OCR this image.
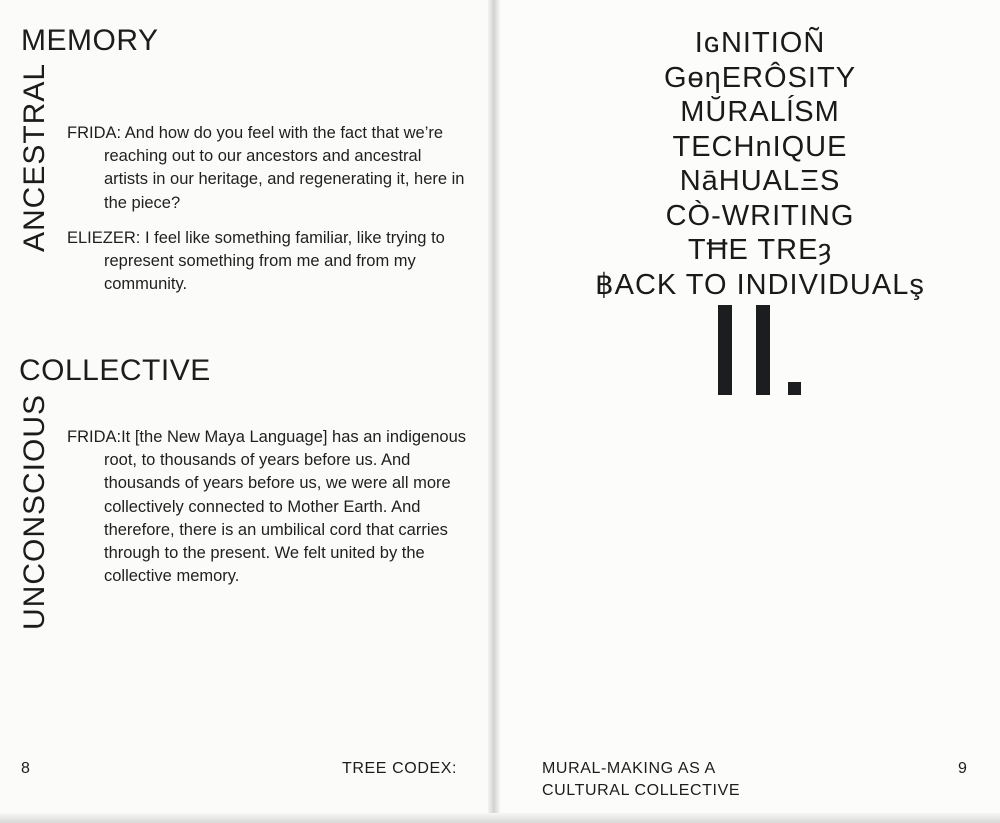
MEMORY
ANCESTRAL FRIDA: And how do you feel with the fact that we’re reaching out to our ancestors and ancestral artists in our heritage, and regenerating it, here in the piece?

ELIEZER: I feel like something familiar, like trying to represent something from me and from my community.

COLLECTIVE
UNCONSCIOUS FRIDA:It [the New Maya Language] has an indigenous root, to thousands of years before us. And thousands of years before us, we were all more collectively connected to Mother Earth. And therefore, there is an umbilical cord that carries through to the present. We felt united by the collective memory.

8	TREE CODEX:
IɢNITIOÑ
GɵƞERÔSITY
MŬRALĺSM
TECHnIQUE
NāHUALΞS
CÒ-WRITING
TĦE TREȝ
฿ACK TO INDIVIDUALş
MURAL-MAKING AS A
CULTURAL COLLECTIVE
9
